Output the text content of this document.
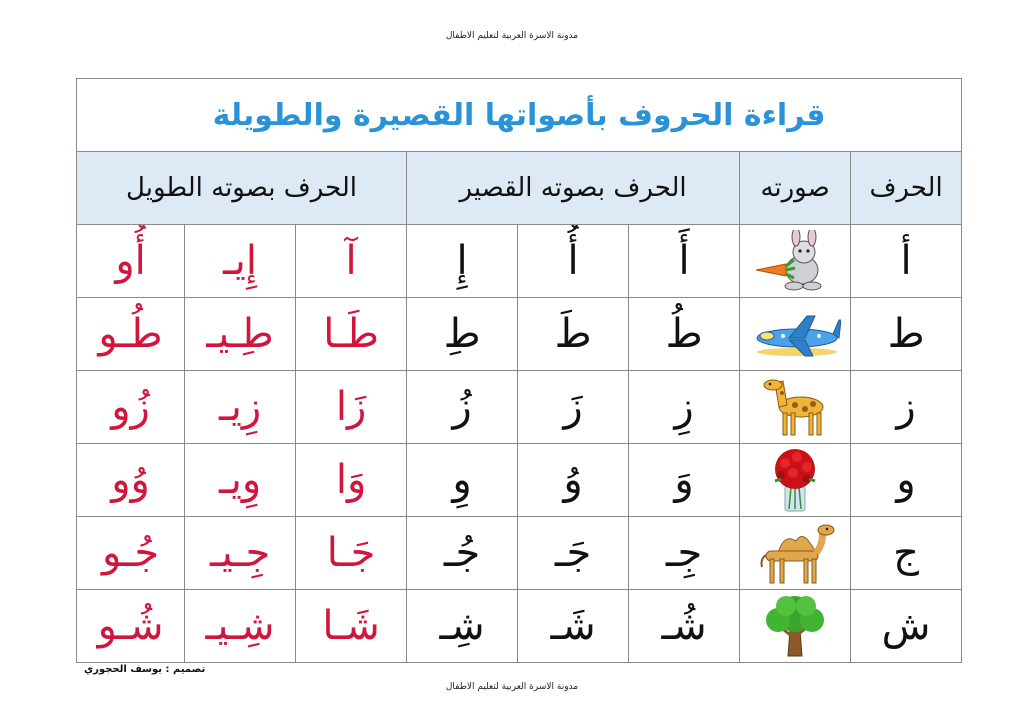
مدونة الاسرة العربية لتعليم الاطفال
قراءة الحروف بأصواتها القصيرة والطويلة							
الحرف	صورته	الحرف بصوته القصير			الحرف بصوته الطويل		
أ		أَ	أُ	إِ	آ	إِيـ	أُو
ط		طُ	طَ	طِ	طَـا	طِـيـ	طُـو
ز		زِ	زَ	زُ	زَا	زِيـ	زُو
و		وَ	وُ	وِ	وَا	وِيـ	وُو
ج		جِـ	جَـ	جُـ	جَـا	جِـيـ	جُـو
ش		شُـ	شَـ	شِـ	شَـا	شِـيـ	شُـو
تصميم : يوسف الحجوري
مدونة الاسرة العربية لتعليم الاطفال
